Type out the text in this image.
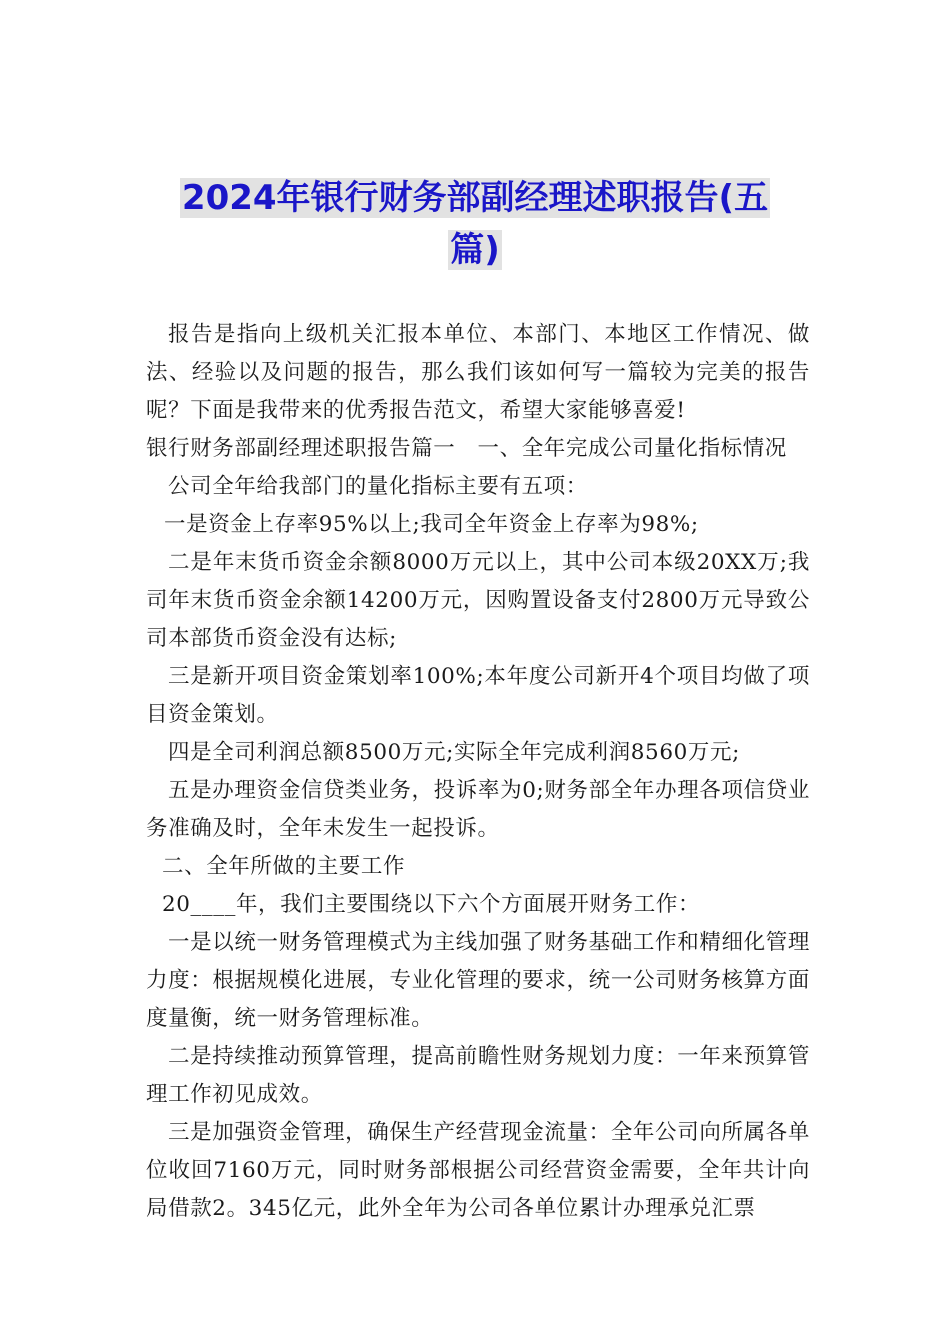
2024年银行财务部副经理述职报告(五
篇)

报告是指向上级机关汇报本单位、本部门、本地区工作情况、做法、经验以及问题的报告，那么我们该如何写一篇较为完美的报告呢？下面是我带来的优秀报告范文，希望大家能够喜爱!

银行财务部副经理述职报告篇一　一、全年完成公司量化指标情况

公司全年给我部门的量化指标主要有五项：

一是资金上存率95%以上;我司全年资金上存率为98%;

二是年末货币资金余额8000万元以上，其中公司本级20XX万;我司年末货币资金余额14200万元，因购置设备支付2800万元导致公司本部货币资金没有达标;

三是新开项目资金策划率100%;本年度公司新开4个项目均做了项目资金策划。

四是全司利润总额8500万元;实际全年完成利润8560万元;

五是办理资金信贷类业务，投诉率为0;财务部全年办理各项信贷业务准确及时，全年未发生一起投诉。

二、全年所做的主要工作

20____年，我们主要围绕以下六个方面展开财务工作：

一是以统一财务管理模式为主线加强了财务基础工作和精细化管理力度：根据规模化进展，专业化管理的要求，统一公司财务核算方面度量衡，统一财务管理标准。

二是持续推动预算管理，提高前瞻性财务规划力度：一年来预算管理工作初见成效。

三是加强资金管理，确保生产经营现金流量：全年公司向所属各单位收回7160万元，同时财务部根据公司经营资金需要，全年共计向局借款2。345亿元，此外全年为公司各单位累计办理承兑汇票
